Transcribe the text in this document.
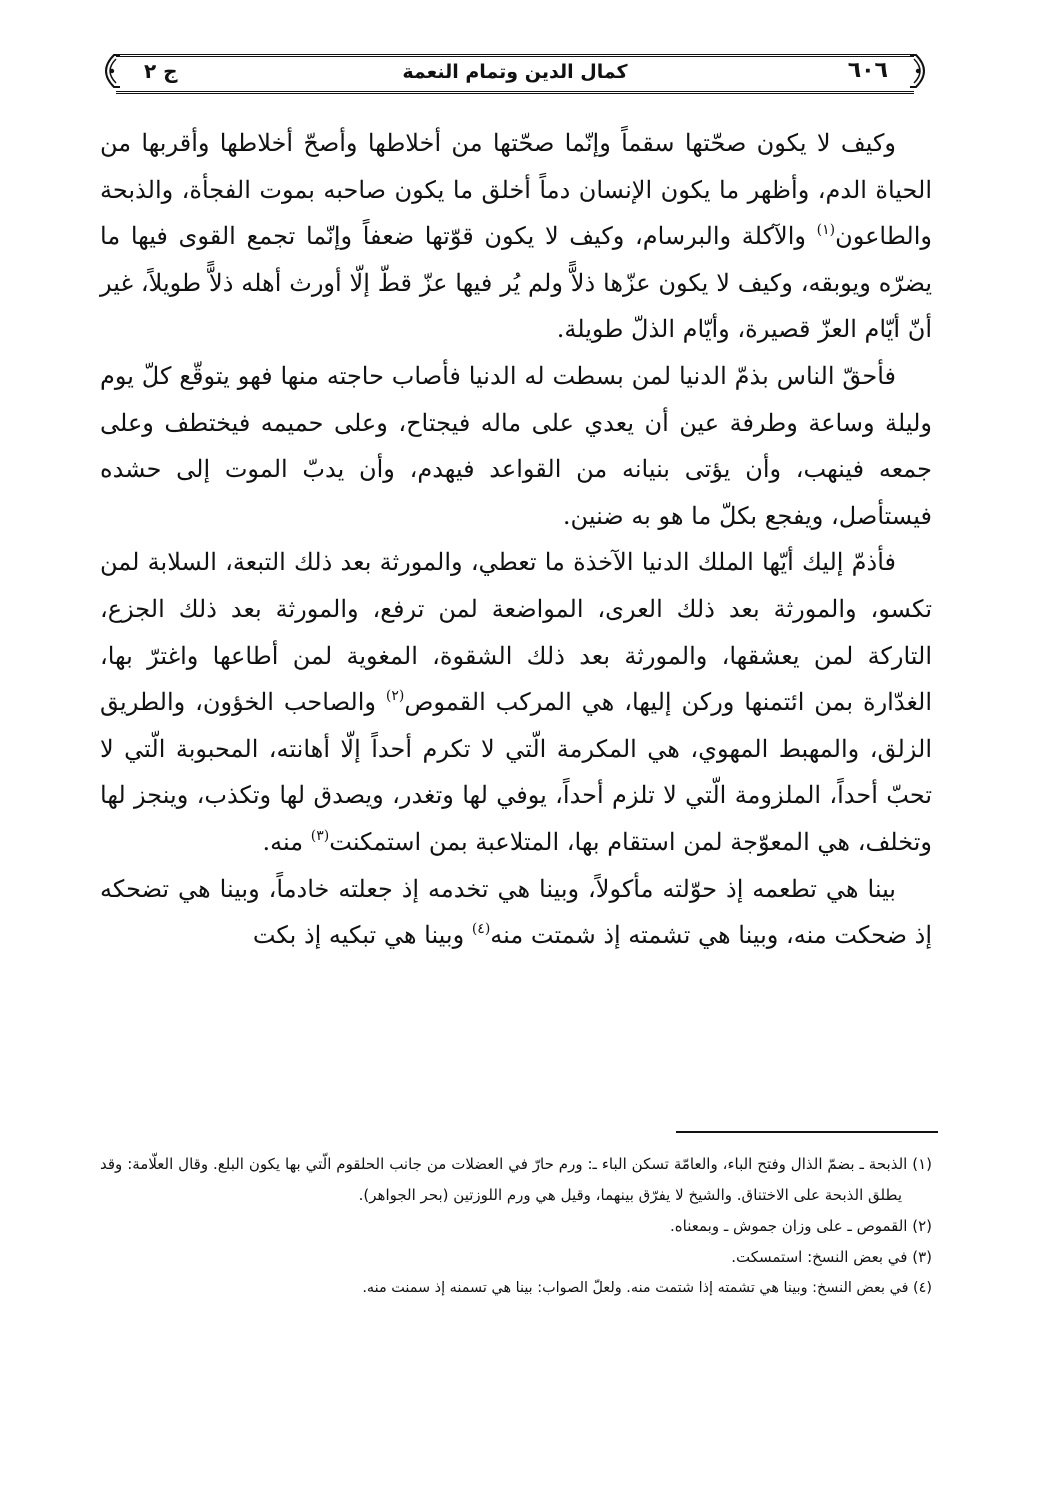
٦٠٦
كمال الدين وتمام النعمة
ج ٢

وكيف لا يكون صحّتها سقماً وإنّما صحّتها من أخلاطها وأصحّ أخلاطها وأقربها من الحياة الدم، وأظهر ما يكون الإنسان دماً أخلق ما يكون صاحبه بموت الفجأة، والذبحة والطاعون$^{(١)}$ والآكلة والبرسام، وكيف لا يكون قوّتها ضعفاً وإنّما تجمع القوى فيها ما يضرّه ويوبقه، وكيف لا يكون عزّها ذلاًّ ولم يُر فيها عزّ قطّ إلّا أورث أهله ذلاًّ طويلاً، غير أنّ أيّام العزّ قصيرة، وأيّام الذلّ طويلة.

فأحقّ الناس بذمّ الدنيا لمن بسطت له الدنيا فأصاب حاجته منها فهو يتوقّع كلّ يوم وليلة وساعة وطرفة عين أن يعدي على ماله فيجتاح، وعلى حميمه فيختطف وعلى جمعه فينهب، وأن يؤتى بنيانه من القواعد فيهدم، وأن يدبّ الموت إلى حشده فيستأصل، ويفجع بكلّ ما هو به ضنين.

فأذمّ إليك أيّها الملك الدنيا الآخذة ما تعطي، والمورثة بعد ذلك التبعة، السلابة لمن تكسو، والمورثة بعد ذلك العرى، المواضعة لمن ترفع، والمورثة بعد ذلك الجزع، التاركة لمن يعشقها، والمورثة بعد ذلك الشقوة، المغوية لمن أطاعها واغترّ بها، الغدّارة بمن ائتمنها وركن إليها، هي المركب القموص$^{(٢)}$ والصاحب الخؤون، والطريق الزلق، والمهبط المهوي، هي المكرمة الّتي لا تكرم أحداً إلّا أهانته، المحبوبة الّتي لا تحبّ أحداً، الملزومة الّتي لا تلزم أحداً، يوفي لها وتغدر، ويصدق لها وتكذب، وينجز لها وتخلف، هي المعوّجة لمن استقام بها، المتلاعبة بمن استمكنت$^{(٣)}$ منه.

بينا هي تطعمه إذ حوّلته مأكولاً، وبينا هي تخدمه إذ جعلته خادماً، وبينا هي تضحكه إذ ضحكت منه، وبينا هي تشمته إذ شمتت منه$^{(٤)}$ وبينا هي تبكيه إذ بكت

(١) الذبحة ـ بضمّ الذال وفتح الباء، والعامّة تسكن الباء ـ: ورم حارّ في العضلات من جانب الحلقوم الّتي بها يكون البلع. وقال العلّامة: وقد يطلق الذبحة على الاختناق. والشيخ لا يفرّق بينهما، وقيل هي ورم اللوزتين (بحر الجواهر).

(٢) القموص ـ على وزان جموش ـ وبمعناه.

(٣) في بعض النسخ: استمسكت.

(٤) في بعض النسخ: وبينا هي تشمته إذا شتمت منه. ولعلّ الصواب: بينا هي تسمنه إذ سمنت منه.
